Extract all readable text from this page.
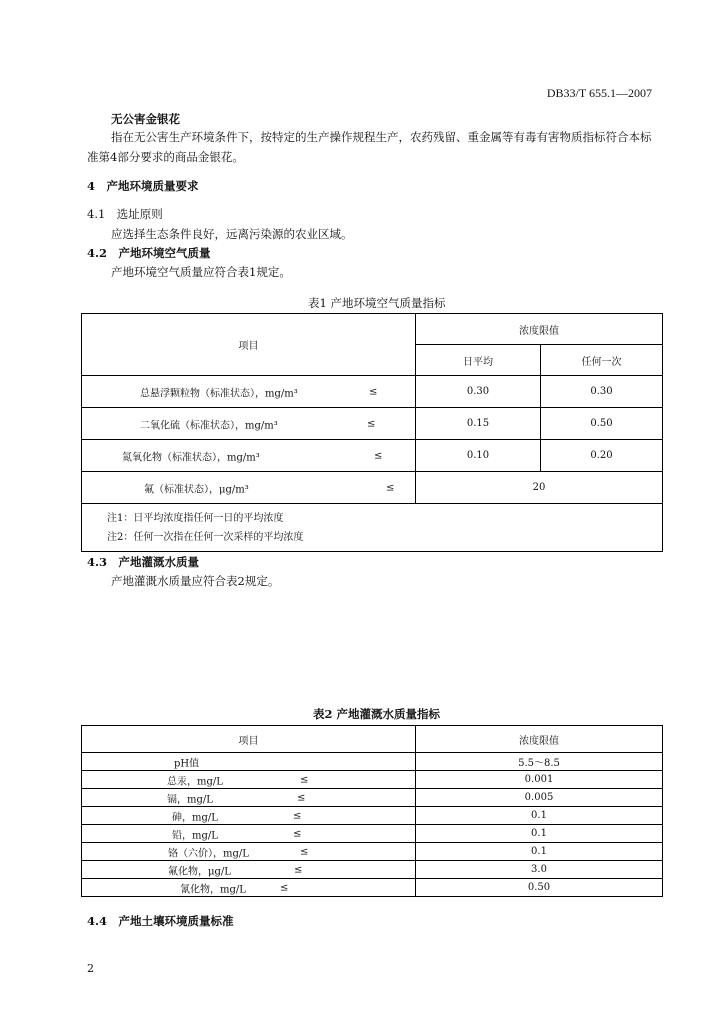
DB33/T 655.1—2007
无公害金银花
指在无公害生产环境条件下，按特定的生产操作规程生产，农药残留、重金属等有毒有害物质指标符合本标准第4部分要求的商品金银花。
4　产地环境质量要求
4.1　选址原则
应选择生态条件良好，远离污染源的农业区域。
4.2　产地环境空气质量
产地环境空气质量应符合表1规定。
表1 产地环境空气质量指标
项目	浓度限值	
	日平均	任何一次

总悬浮颗粒物（标准状态），mg/m³ ≤	0.30	0.30

二氧化硫（标准状态），mg/m³ ≤	0.15	0.50

氮氧化物（标准状态），mg/m³ ≤	0.10	0.20

氟（标准状态），μg/m³ ≤	20	

注1：日平均浓度指任何一日的平均浓度
注2：任何一次指在任何一次采样的平均浓度		
4.3　产地灌溉水质量
产地灌溉水质量应符合表2规定。
表2 产地灌溉水质量指标
项目	浓度限值

pH值	5.5～8.5

总汞，mg/L ≤	0.001

镉，mg/L ≤	0.005

砷，mg/L ≤	0.1

铅，mg/L ≤	0.1

铬（六价），mg/L ≤	0.1

氟化物，μg/L ≤	3.0

氰化物，mg/L ≤	0.50
4.4　产地土壤环境质量标准
2
